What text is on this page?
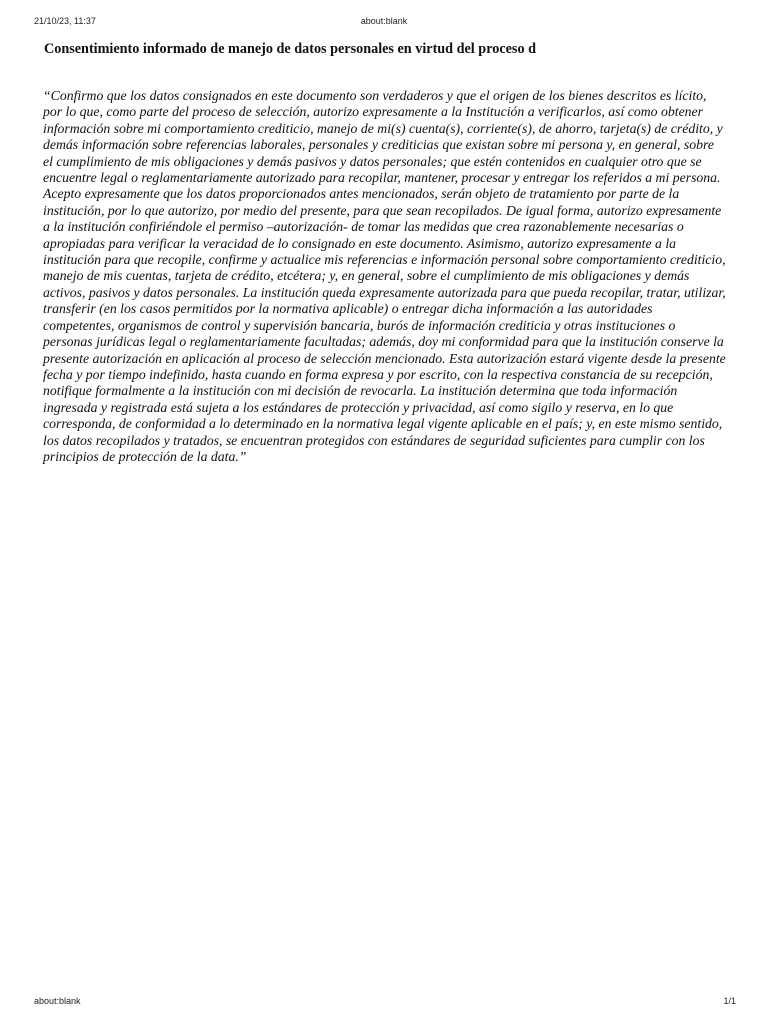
21/10/23, 11:37	about:blank
Consentimiento informado de manejo de datos personales en virtud del proceso d

“Confirmo que los datos consignados en este documento son verdaderos y que el origen de los bienes descritos es lícito, por lo que, como parte del proceso de selección, autorizo expresamente a la Institución a verificarlos, así como obtener información sobre mi comportamiento crediticio, manejo de mi(s) cuenta(s), corriente(s), de ahorro, tarjeta(s) de crédito, y demás información sobre referencias laborales, personales y crediticias que existan sobre mi persona y, en general, sobre el cumplimiento de mis obligaciones y demás pasivos y datos personales; que estén contenidos en cualquier otro que se encuentre legal o reglamentariamente autorizado para recopilar, mantener, procesar y entregar los referidos a mi persona. Acepto expresamente que los datos proporcionados antes mencionados, serán objeto de tratamiento por parte de la institución, por lo que autorizo, por medio del presente, para que sean recopilados. De igual forma, autorizo expresamente a la institución confiriéndole el permiso –autorización- de tomar las medidas que crea razonablemente necesarias o apropiadas para verificar la veracidad de lo consignado en este documento. Asimismo, autorizo expresamente a la institución para que recopile, confirme y actualice mis referencias e información personal sobre comportamiento crediticio, manejo de mis cuentas, tarjeta de crédito, etcétera; y, en general, sobre el cumplimiento de mis obligaciones y demás activos, pasivos y datos personales. La institución queda expresamente autorizada para que pueda recopilar, tratar, utilizar, transferir (en los casos permitidos por la normativa aplicable) o entregar dicha información a las autoridades competentes, organismos de control y supervisión bancaria, burós de información crediticia y otras instituciones o personas jurídicas legal o reglamentariamente facultadas; además, doy mi conformidad para que la institución conserve la presente autorización en aplicación al proceso de selección mencionado. Esta autorización estará vigente desde la presente fecha y por tiempo indefinido, hasta cuando en forma expresa y por escrito, con la respectiva constancia de su recepción, notifique formalmente a la institución con mi decisión de revocarla. La institución determina que toda información ingresada y registrada está sujeta a los estándares de protección y privacidad, así como sigilo y reserva, en lo que corresponda, de conformidad a lo determinado en la normativa legal vigente aplicable en el país; y, en este mismo sentido, los datos recopilados y tratados, se encuentran protegidos con estándares de seguridad suficientes para cumplir con los principios de protección de la data.”

about:blank	1/1
